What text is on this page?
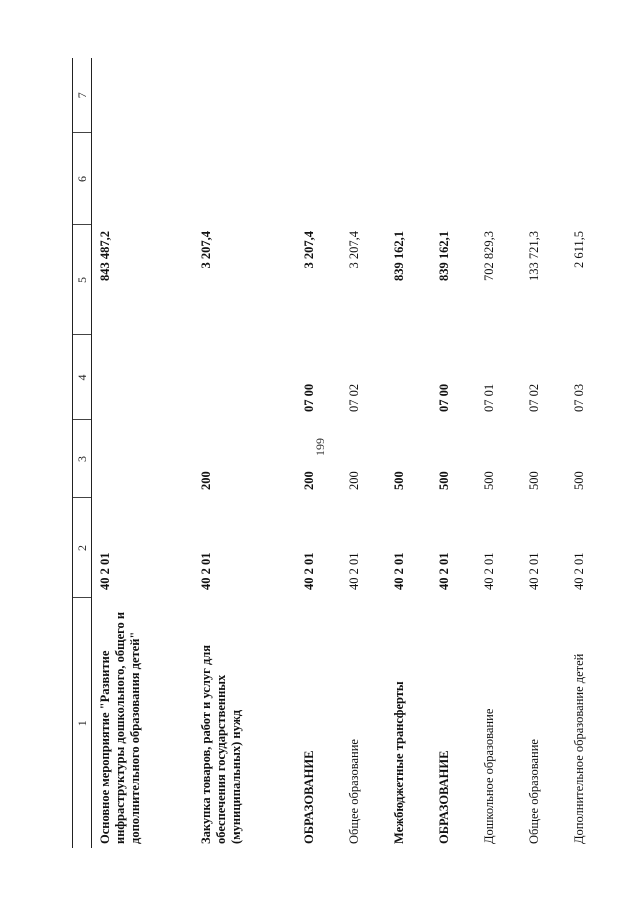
199
1	2	3	4	5	6	7
Основное мероприятие "Развитие инфраструктуры дошкольного, общего и дополнительного образования детей"	40 2 01			843 487,2		
Закупка товаров, работ и услуг для обеспечения государственных (муниципальных) нужд	40 2 01	200		3 207,4		
ОБРАЗОВАНИЕ	40 2 01	200	07 00	3 207,4		
Общее образование	40 2 01	200	07 02	3 207,4		
Межбюджетные трансферты	40 2 01	500		839 162,1		
ОБРАЗОВАНИЕ	40 2 01	500	07 00	839 162,1		
Дошкольное образование	40 2 01	500	07 01	702 829,3		
Общее образование	40 2 01	500	07 02	133 721,3		
Дополнительное образование детей	40 2 01	500	07 03	2 611,5		
